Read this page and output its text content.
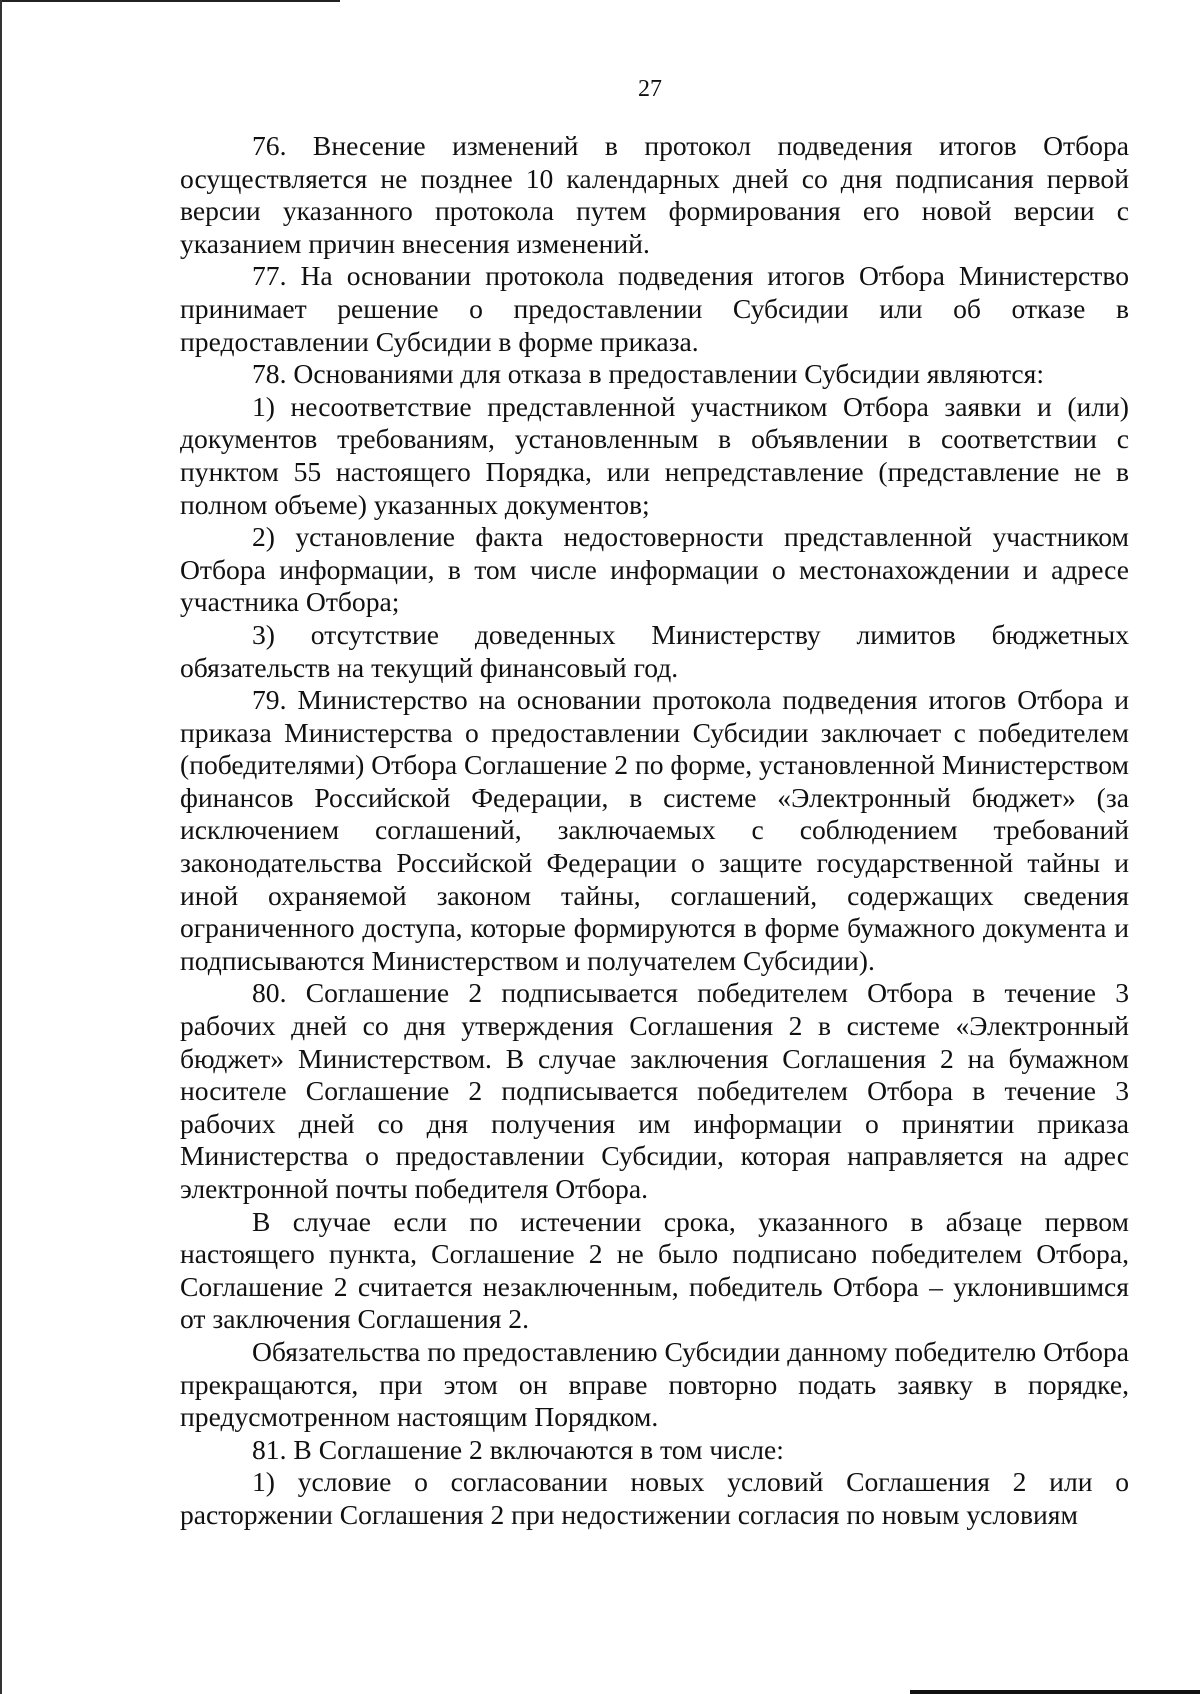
27

76. Внесение изменений в протокол подведения итогов Отбора осуществляется не позднее 10 календарных дней со дня подписания первой версии указанного протокола путем формирования его новой версии с указанием причин внесения изменений.

77. На основании протокола подведения итогов Отбора Министерство принимает решение о предоставлении Субсидии или об отказе в предоставлении Субсидии в форме приказа.

78. Основаниями для отказа в предоставлении Субсидии являются:

1) несоответствие представленной участником Отбора заявки и (или) документов требованиям, установленным в объявлении в соответствии с пунктом 55 настоящего Порядка, или непредставление (представление не в полном объеме) указанных документов;

2) установление факта недостоверности представленной участником Отбора информации, в том числе информации о местонахождении и адресе участника Отбора;

3) отсутствие доведенных Министерству лимитов бюджетных обязательств на текущий финансовый год.

79. Министерство на основании протокола подведения итогов Отбора и приказа Министерства о предоставлении Субсидии заключает с победителем (победителями) Отбора Соглашение 2 по форме, установленной Министерством финансов Российской Федерации, в системе «Электронный бюджет» (за исключением соглашений, заключаемых с соблюдением требований законодательства Российской Федерации о защите государственной тайны и иной охраняемой законом тайны, соглашений, содержащих сведения ограниченного доступа, которые формируются в форме бумажного документа и подписываются Министерством и получателем Субсидии).

80. Соглашение 2 подписывается победителем Отбора в течение 3 рабочих дней со дня утверждения Соглашения 2 в системе «Электронный бюджет» Министерством. В случае заключения Соглашения 2 на бумажном носителе Соглашение 2 подписывается победителем Отбора в течение 3 рабочих дней со дня получения им информации о принятии приказа Министерства о предоставлении Субсидии, которая направляется на адрес электронной почты победителя Отбора.

В случае если по истечении срока, указанного в абзаце первом настоящего пункта, Соглашение 2 не было подписано победителем Отбора, Соглашение 2 считается незаключенным, победитель Отбора – уклонившимся от заключения Соглашения 2.

Обязательства по предоставлению Субсидии данному победителю Отбора прекращаются, при этом он вправе повторно подать заявку в порядке, предусмотренном настоящим Порядком.

81. В Соглашение 2 включаются в том числе:

1) условие о согласовании новых условий Соглашения 2 или о расторжении Соглашения 2 при недостижении согласия по новым условиям
